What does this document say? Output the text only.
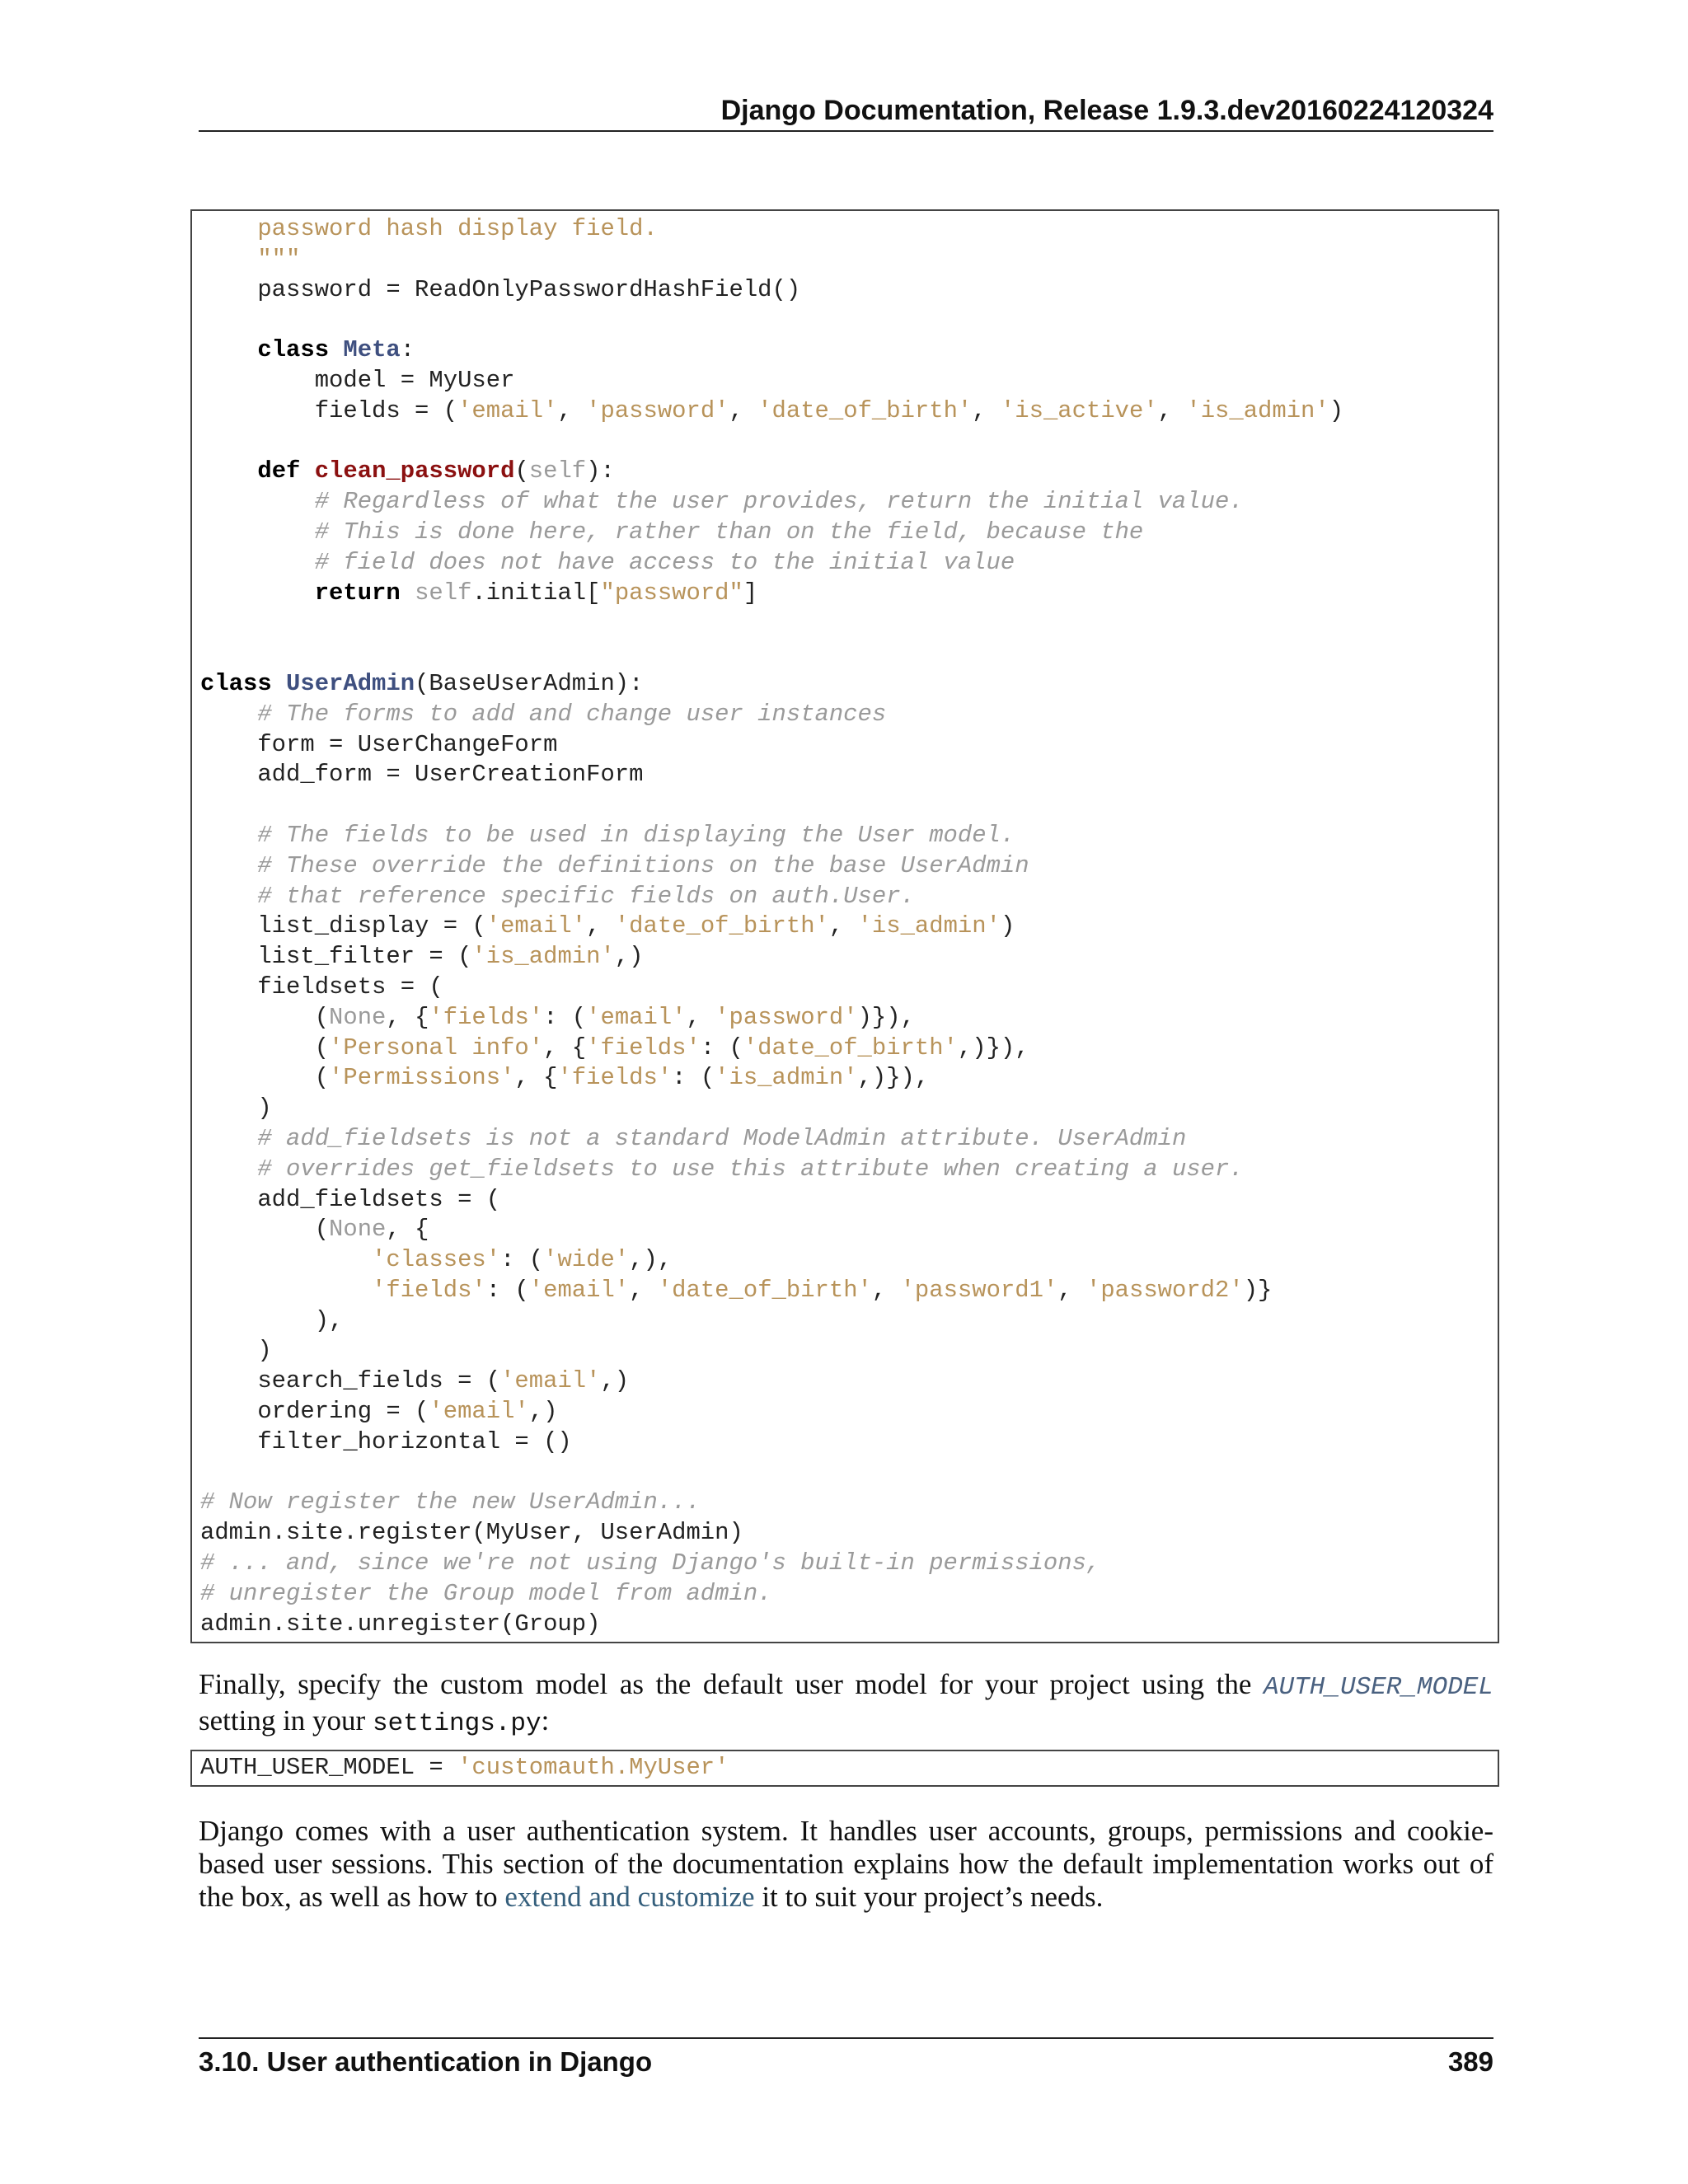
Django Documentation, Release 1.9.3.dev20160224120324
password hash display field.
"""
password = ReadOnlyPasswordHashField()

class Meta:
model = MyUser
fields = ('email', 'password', 'date_of_birth', 'is_active', 'is_admin')

def clean_password(self):
# Regardless of what the user provides, return the initial value.
# This is done here, rather than on the field, because the
# field does not have access to the initial value
return self.initial["password"]

class UserAdmin(BaseUserAdmin):
# The forms to add and change user instances
form = UserChangeForm
add_form = UserCreationForm

# The fields to be used in displaying the User model.
# These override the definitions on the base UserAdmin
# that reference specific fields on auth.User.
list_display = ('email', 'date_of_birth', 'is_admin')
list_filter = ('is_admin',)
fieldsets = (
(None, {'fields': ('email', 'password')}),
('Personal info', {'fields': ('date_of_birth',)}),
('Permissions', {'fields': ('is_admin',)}),
)
# add_fieldsets is not a standard ModelAdmin attribute. UserAdmin
# overrides get_fieldsets to use this attribute when creating a user.
add_fieldsets = (
(None, {
'classes': ('wide',),
'fields': ('email', 'date_of_birth', 'password1', 'password2')}
),
)
search_fields = ('email',)
ordering = ('email',)
filter_horizontal = ()

# Now register the new UserAdmin...
admin.site.register(MyUser, UserAdmin)
# ... and, since we're not using Django's built-in permissions,
# unregister the Group model from admin.
admin.site.unregister(Group)

Finally, specify the custom model as the default user model for your project using the AUTH_USER_MODEL setting in your settings.py:

AUTH_USER_MODEL = 'customauth.MyUser'

Django comes with a user authentication system. It handles user accounts, groups, permissions and cookie-based user sessions. This section of the documentation explains how the default implementation works out of the box, as well as how to extend and customize it to suit your project’s needs.

3.10. User authentication in Django	389
